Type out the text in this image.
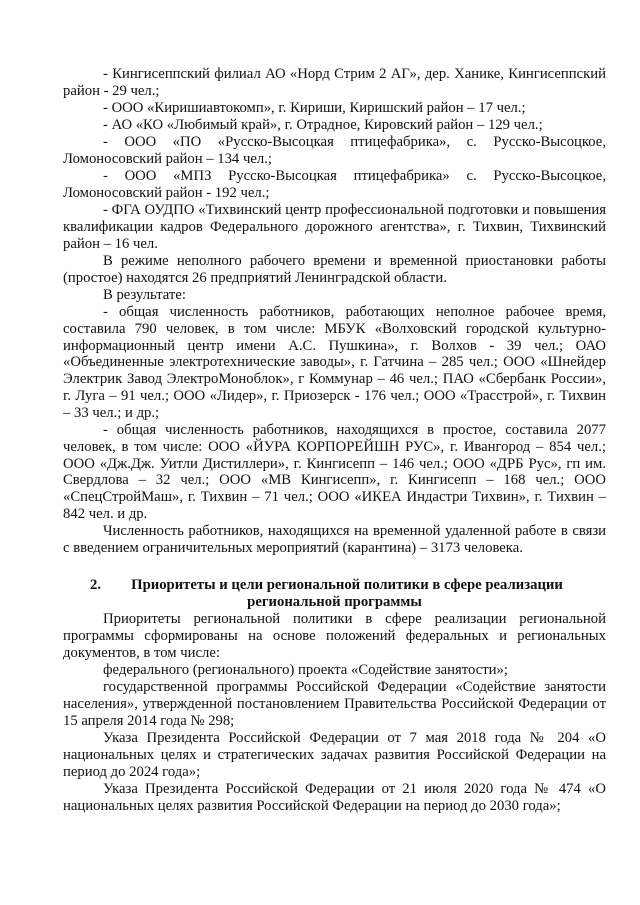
- Кингисеппский филиал АО «Норд Стрим 2 АГ», дер. Ханике, Кингисеппский район - 29 чел.;

- ООО «Киришиавтокомп», г. Кириши, Киришский район – 17 чел.;

- АО «КО «Любимый край», г. Отрадное, Кировский район – 129 чел.;

- ООО «ПО «Русско-Высоцкая птицефабрика», с. Русско-Высоцкое, Ломоносовский район – 134 чел.;

- ООО «МПЗ Русско-Высоцкая птицефабрика» с. Русско-Высоцкое, Ломоносовский район - 192 чел.;

- ФГА ОУДПО «Тихвинский центр профессиональной подготовки и повышения квалификации кадров Федерального дорожного агентства», г. Тихвин, Тихвинский район – 16 чел.

В режиме неполного рабочего времени и временной приостановки работы (простое) находятся 26 предприятий Ленинградской области.

В результате:

- общая численность работников, работающих неполное рабочее время, составила 790 человек, в том числе: МБУК «Волховский городской культурно-информационный центр имени А.С. Пушкина», г. Волхов - 39 чел.; ОАО «Объединенные электротехнические заводы», г. Гатчина – 285 чел.; ООО «Шнейдер Электрик Завод ЭлектроМоноблок», г Коммунар – 46 чел.; ПАО «Сбербанк России», г. Луга – 91 чел.; ООО «Лидер», г. Приозерск - 176 чел.; ООО «Трасстрой», г. Тихвин – 33 чел.; и др.;

- общая численность работников, находящихся в простое, составила 2077 человек, в том числе: ООО «ЙУРА КОРПОРЕЙШН РУС», г. Ивангород – 854 чел.; ООО «Дж.Дж. Уитли Дистиллери», г. Кингисепп – 146 чел.; ООО «ДРБ Рус», гп им. Свердлова – 32 чел.; ООО «МВ Кингисепп», г. Кингисепп – 168 чел.; ООО «СпецСтройМаш», г. Тихвин – 71 чел.; ООО «ИКЕА Индастри Тихвин», г. Тихвин – 842 чел. и др.

Численность работников, находящихся на временной удаленной работе в связи с введением ограничительных мероприятий (карантина) – 3173 человека.

2.	Приоритеты и цели региональной политики в сфере реализации
региональной программы

Приоритеты региональной политики в сфере реализации региональной программы сформированы на основе положений федеральных и региональных документов, в том числе:

федерального (регионального) проекта «Содействие занятости»;

государственной программы Российской Федерации «Содействие занятости населения», утвержденной постановлением Правительства Российской Федерации от 15 апреля 2014 года № 298;

Указа Президента Российской Федерации от 7 мая 2018 года № 204 «О национальных целях и стратегических задачах развития Российской Федерации на период до 2024 года»;

Указа Президента Российской Федерации от 21 июля 2020 года № 474 «О национальных целях развития Российской Федерации на период до 2030 года»;
